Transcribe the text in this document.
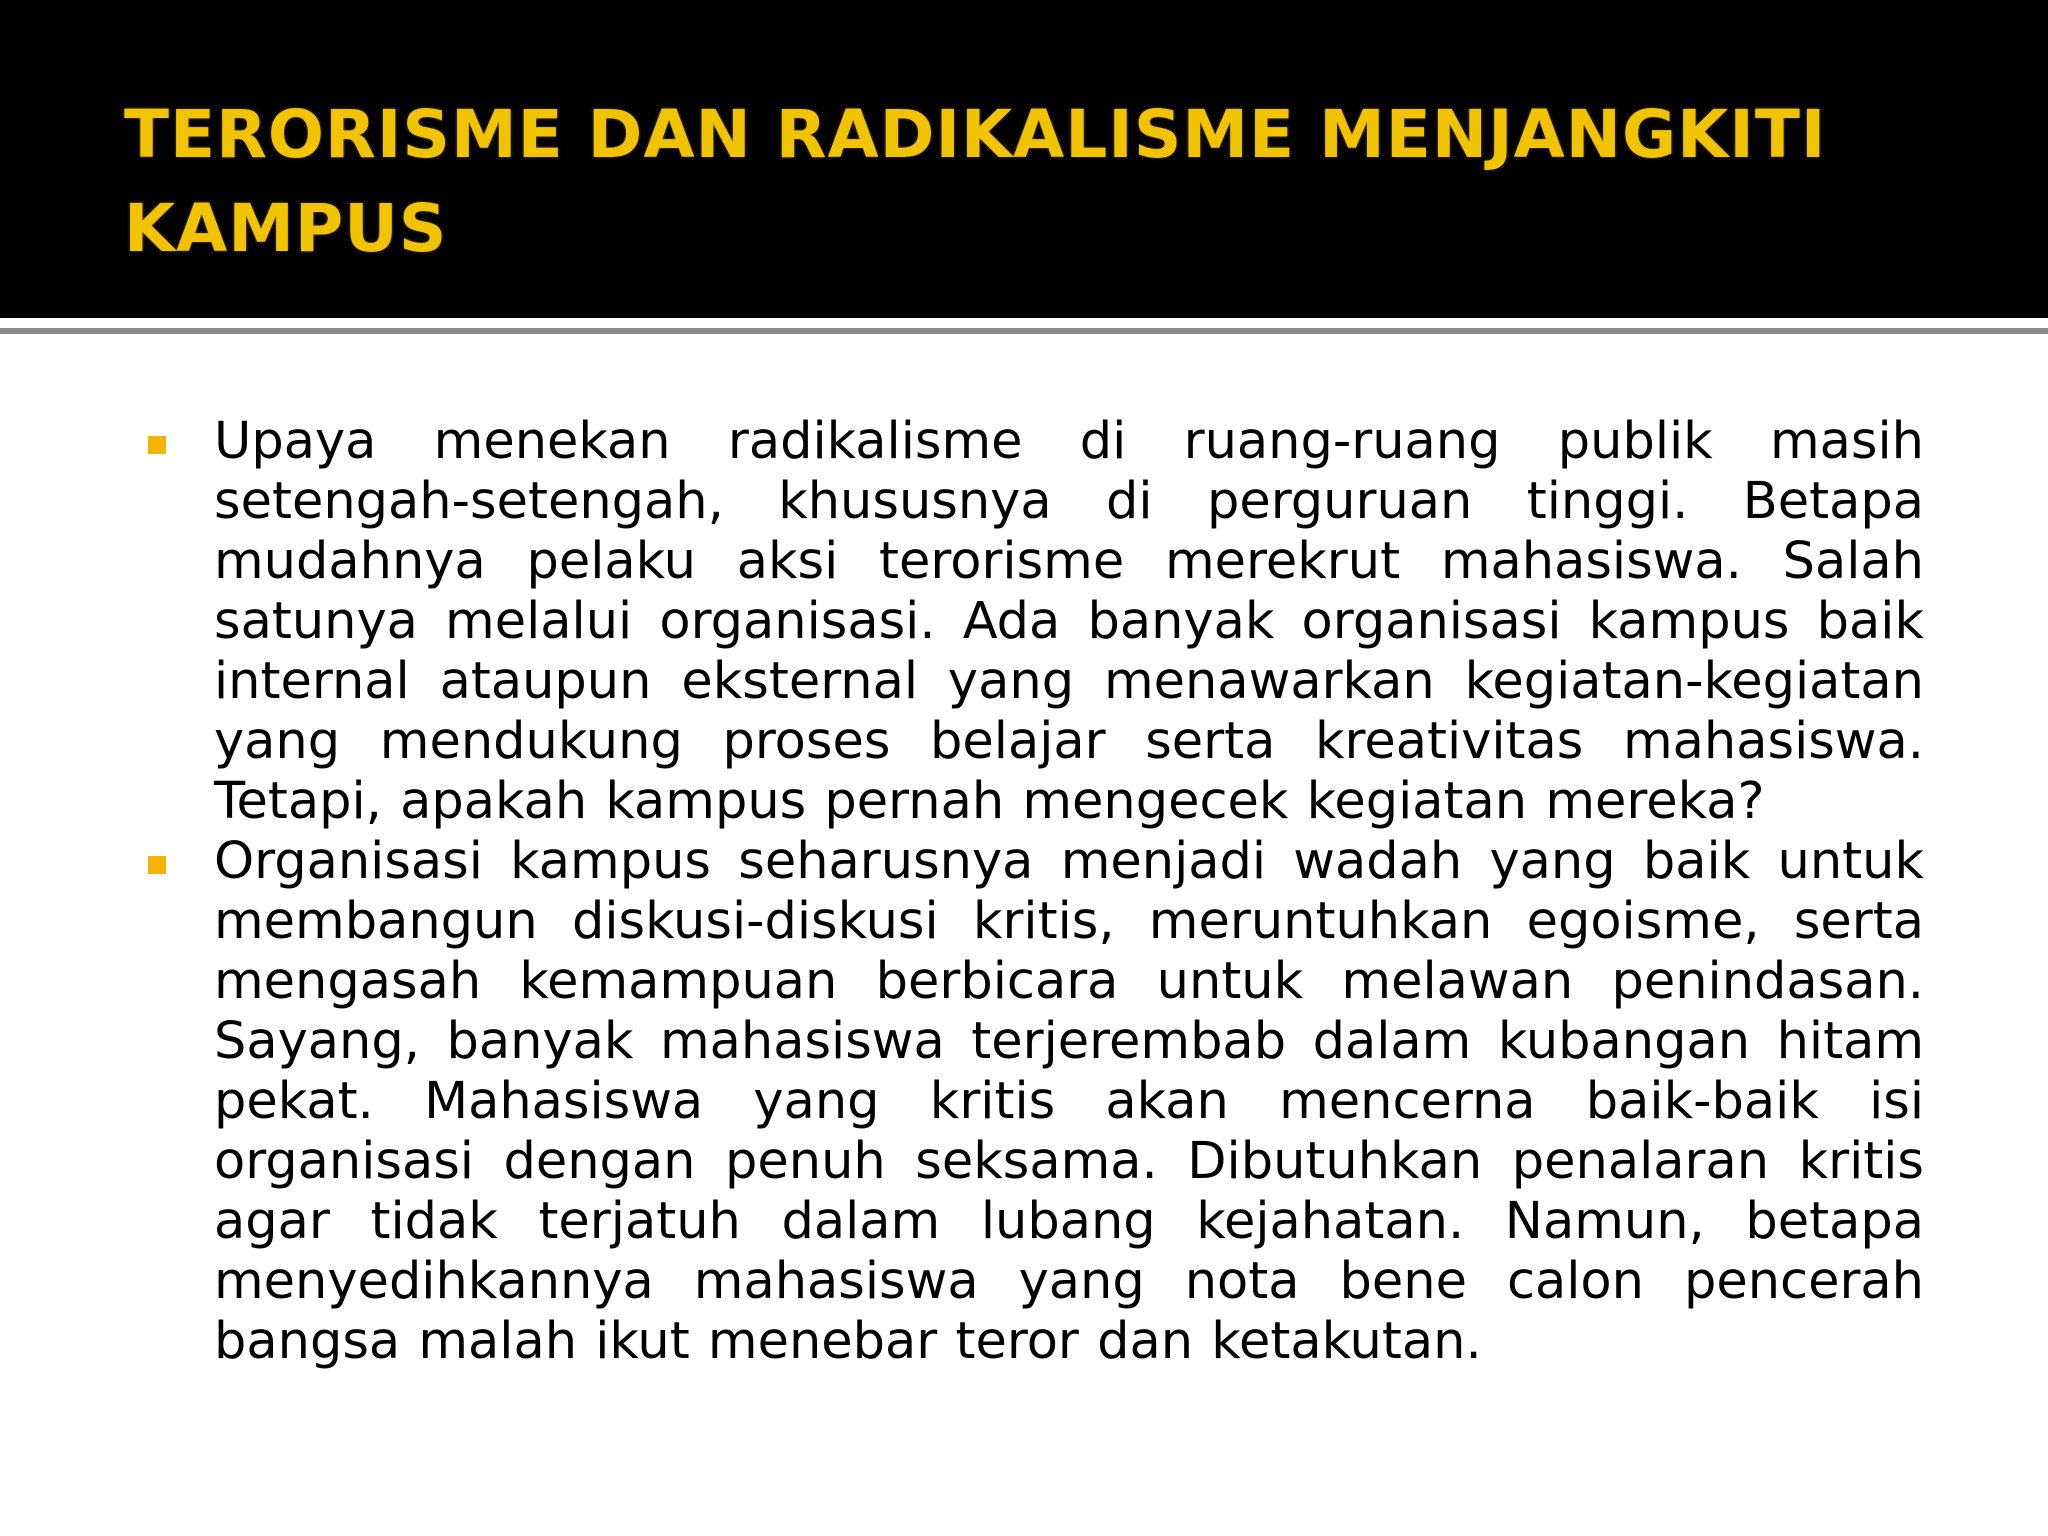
TERORISME DAN RADIKALISME MENJANGKITI KAMPUS
Upaya menekan radikalisme di ruang-ruang publik masih setengah-setengah, khususnya di perguruan tinggi. Betapa mudahnya pelaku aksi terorisme merekrut mahasiswa. Salah satunya melalui organisasi. Ada banyak organisasi kampus baik internal ataupun eksternal yang menawarkan kegiatan-kegiatan yang mendukung proses belajar serta kreativitas mahasiswa. Tetapi, apakah kampus pernah mengecek kegiatan mereka?
Organisasi kampus seharusnya menjadi wadah yang baik untuk membangun diskusi-diskusi kritis, meruntuhkan egoisme, serta mengasah kemampuan berbicara untuk melawan penindasan. Sayang, banyak mahasiswa terjerembab dalam kubangan hitam pekat. Mahasiswa yang kritis akan mencerna baik-baik isi organisasi dengan penuh seksama. Dibutuhkan penalaran kritis agar tidak terjatuh dalam lubang kejahatan. Namun, betapa menyedihkannya mahasiswa yang nota bene calon pencerah bangsa malah ikut menebar teror dan ketakutan.
